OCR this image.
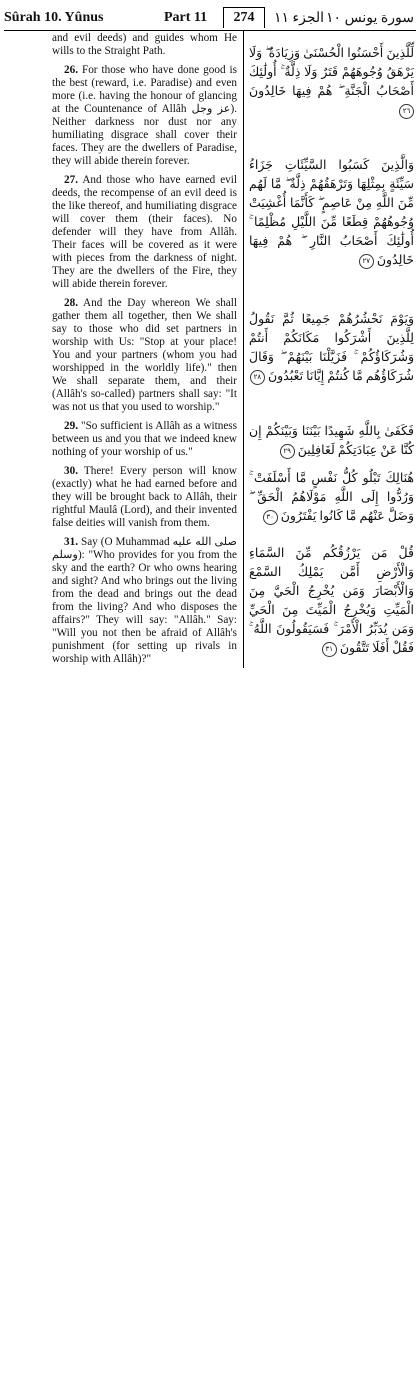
Sûrah 10. Yûnus	Part 11	274	الجزء ١١ سورة يونس ١٠

and evil deeds) and guides whom He wills to the Straight Path.

26. For those who have done good is the best (reward, i.e. Paradise) and even more (i.e. having the honour of glancing at the Countenance of Allâh عز وجل). Neither darkness nor dust nor any humiliating disgrace shall cover their faces. They are the dwellers of Paradise, they will abide therein forever.

27. And those who have earned evil deeds, the recompense of an evil deed is the like thereof, and humiliating disgrace will cover them (their faces). No defender will they have from Allâh. Their faces will be covered as it were with pieces from the darkness of night. They are the dwellers of the Fire, they will abide therein forever.

28. And the Day whereon We shall gather them all together, then We shall say to those who did set partners in worship with Us: "Stop at your place! You and your partners (whom you had worshipped in the worldly life)." then We shall separate them, and their (Allâh's so-called) partners shall say: "It was not us that you used to worship."

29. "So sufficient is Allâh as a witness between us and you that we indeed knew nothing of your worship of us."

30. There! Every person will know (exactly) what he had earned before and they will be brought back to Allâh, their rightful Maulâ (Lord), and their invented false deities will vanish from them.

31. Say (O Muhammad صلى الله عليه وسلم): "Who provides for you from the sky and the earth? Or who owns hearing and sight? And who brings out the living from the dead and brings out the dead from the living? And who disposes the affairs?" They will say: "Allâh." Say: "Will you not then be afraid of Allâh's punishment (for setting up rivals in worship with Allâh)?"

لِّلَّذِينَ أَحْسَنُوا الْحُسْنَىٰ وَزِيَادَةٌ ۖ وَلَا يَرْهَقُ وُجُوهَهُمْ قَتَرٌ وَلَا ذِلَّةٌ ۚ أُولَٰئِكَ أَصْحَابُ الْجَنَّةِ ۖ هُمْ فِيهَا خَالِدُونَ ٢٦
وَالَّذِينَ كَسَبُوا السَّيِّئَاتِ جَزَاءُ سَيِّئَةٍ بِمِثْلِهَا وَتَرْهَقُهُمْ ذِلَّةٌ ۖ مَّا لَهُم مِّنَ اللَّهِ مِنْ عَاصِمٍ ۖ كَأَنَّمَا أُغْشِيَتْ وُجُوهُهُمْ قِطَعًا مِّنَ اللَّيْلِ مُظْلِمًا ۚ أُولَٰئِكَ أَصْحَابُ النَّارِ ۖ هُمْ فِيهَا خَالِدُونَ ٢٧
وَيَوْمَ نَحْشُرُهُمْ جَمِيعًا ثُمَّ نَقُولُ لِلَّذِينَ أَشْرَكُوا مَكَانَكُمْ أَنتُمْ وَشُرَكَاؤُكُمْ ۚ فَزَيَّلْنَا بَيْنَهُمْ ۖ وَقَالَ شُرَكَاؤُهُم مَّا كُنتُمْ إِيَّانَا تَعْبُدُونَ ٢٨
فَكَفَىٰ بِاللَّهِ شَهِيدًا بَيْنَنَا وَبَيْنَكُمْ إِن كُنَّا عَنْ عِبَادَتِكُمْ لَغَافِلِينَ ٢٩
هُنَالِكَ تَبْلُو كُلُّ نَفْسٍ مَّا أَسْلَفَتْ ۚ وَرُدُّوا إِلَى اللَّهِ مَوْلَاهُمُ الْحَقِّ ۖ وَضَلَّ عَنْهُم مَّا كَانُوا يَفْتَرُونَ ٣٠
قُلْ مَن يَرْزُقُكُم مِّنَ السَّمَاءِ وَالْأَرْضِ أَمَّن يَمْلِكُ السَّمْعَ وَالْأَبْصَارَ وَمَن يُخْرِجُ الْحَيَّ مِنَ الْمَيِّتِ وَيُخْرِجُ الْمَيِّتَ مِنَ الْحَيِّ وَمَن يُدَبِّرُ الْأَمْرَ ۚ فَسَيَقُولُونَ اللَّهُ ۚ فَقُلْ أَفَلَا تَتَّقُونَ ٣١
